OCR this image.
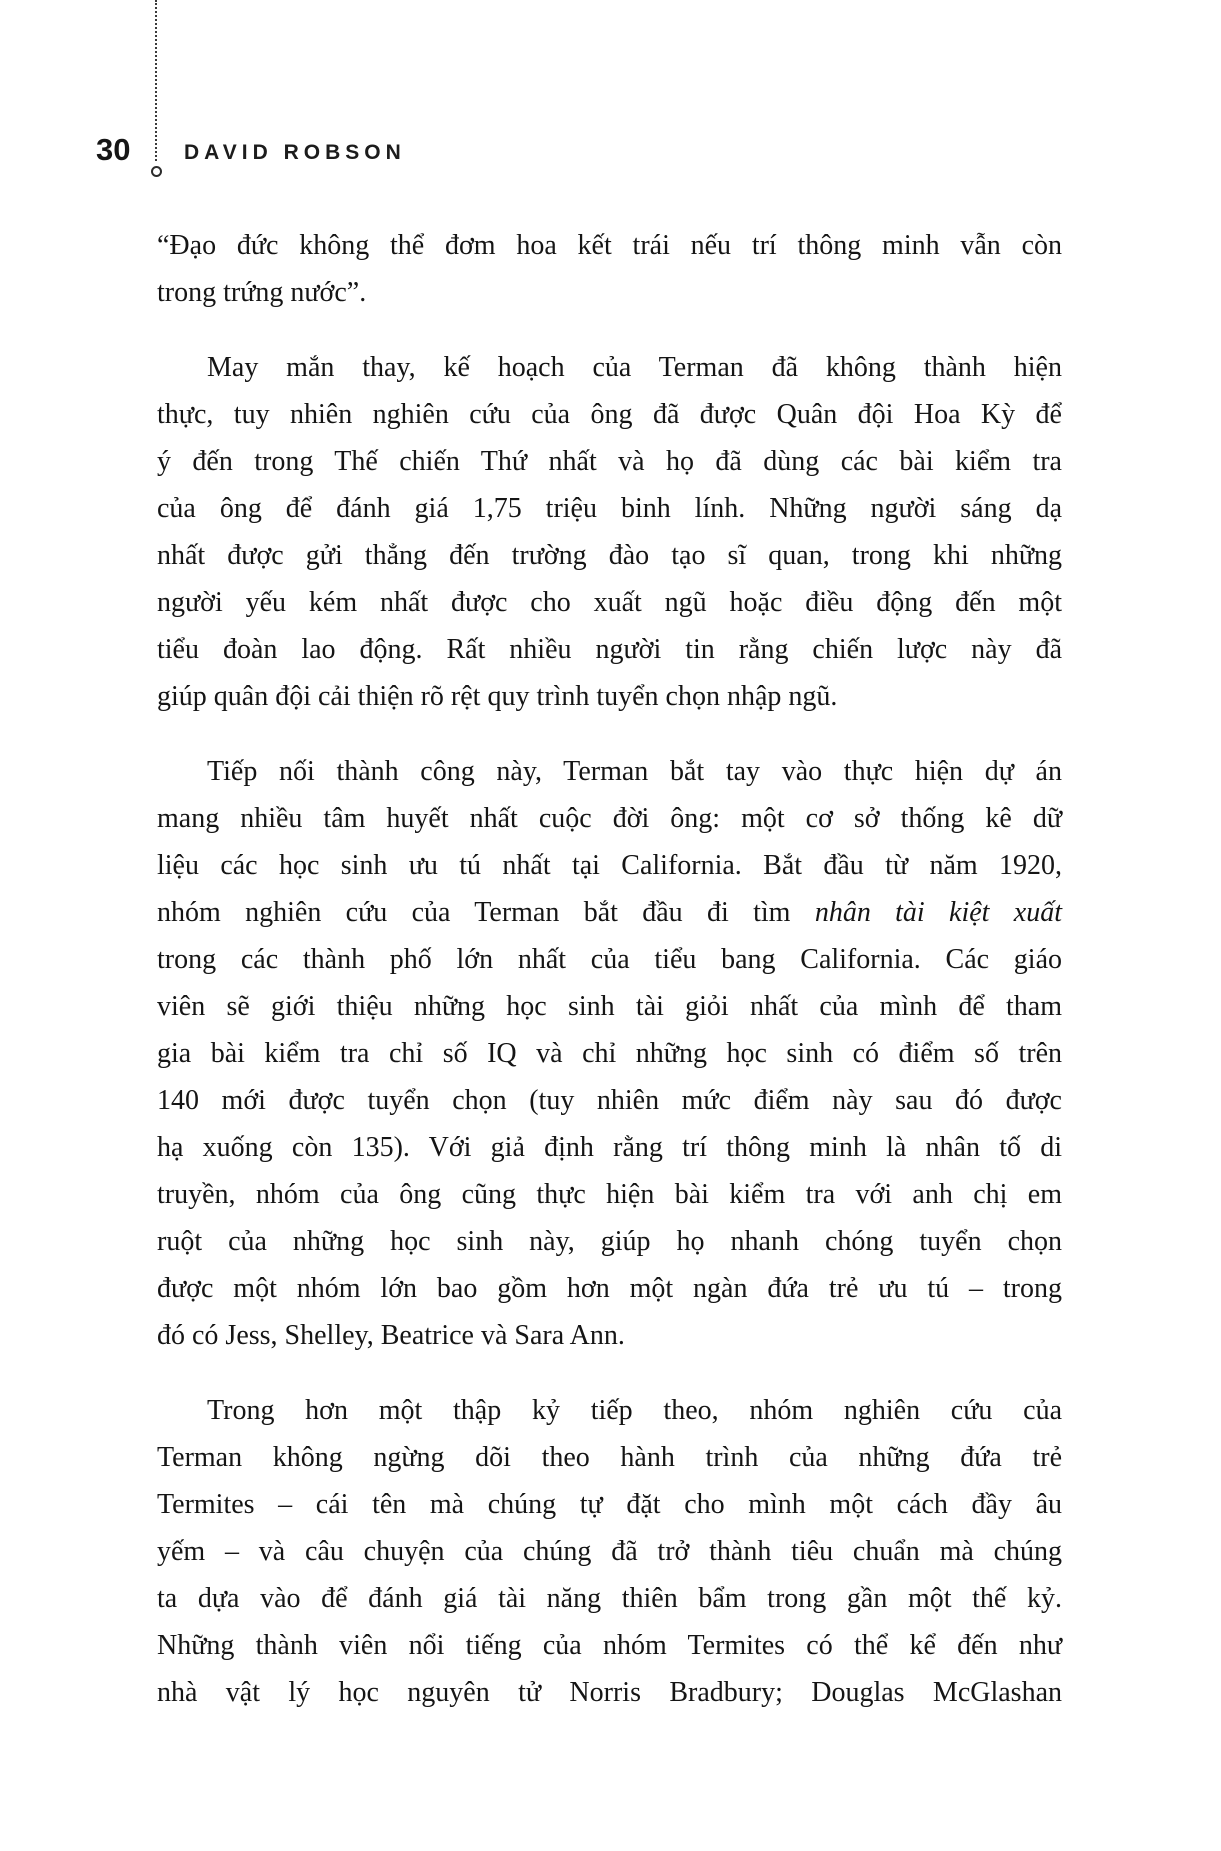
30	DAVID ROBSON
“Đạo đức không thể đơm hoa kết trái nếu trí thông minh vẫn còn
trong trứng nước”.
May mắn thay, kế hoạch của Terman đã không thành hiện
thực, tuy nhiên nghiên cứu của ông đã được Quân đội Hoa Kỳ để
ý đến trong Thế chiến Thứ nhất và họ đã dùng các bài kiểm tra
của ông để đánh giá 1,75 triệu binh lính. Những người sáng dạ
nhất được gửi thẳng đến trường đào tạo sĩ quan, trong khi những
người yếu kém nhất được cho xuất ngũ hoặc điều động đến một
tiểu đoàn lao động. Rất nhiều người tin rằng chiến lược này đã
giúp quân đội cải thiện rõ rệt quy trình tuyển chọn nhập ngũ.
Tiếp nối thành công này, Terman bắt tay vào thực hiện dự án
mang nhiều tâm huyết nhất cuộc đời ông: một cơ sở thống kê dữ
liệu các học sinh ưu tú nhất tại California. Bắt đầu từ năm 1920,
nhóm nghiên cứu của Terman bắt đầu đi tìm nhân tài kiệt xuất
trong các thành phố lớn nhất của tiểu bang California. Các giáo
viên sẽ giới thiệu những học sinh tài giỏi nhất của mình để tham
gia bài kiểm tra chỉ số IQ và chỉ những học sinh có điểm số trên
140 mới được tuyển chọn (tuy nhiên mức điểm này sau đó được
hạ xuống còn 135). Với giả định rằng trí thông minh là nhân tố di
truyền, nhóm của ông cũng thực hiện bài kiểm tra với anh chị em
ruột của những học sinh này, giúp họ nhanh chóng tuyển chọn
được một nhóm lớn bao gồm hơn một ngàn đứa trẻ ưu tú – trong
đó có Jess, Shelley, Beatrice và Sara Ann.
Trong hơn một thập kỷ tiếp theo, nhóm nghiên cứu của
Terman không ngừng dõi theo hành trình của những đứa trẻ
Termites – cái tên mà chúng tự đặt cho mình một cách đầy âu
yếm – và câu chuyện của chúng đã trở thành tiêu chuẩn mà chúng
ta dựa vào để đánh giá tài năng thiên bẩm trong gần một thế kỷ.
Những thành viên nổi tiếng của nhóm Termites có thể kể đến như
nhà vật lý học nguyên tử Norris Bradbury; Douglas McGlashan
